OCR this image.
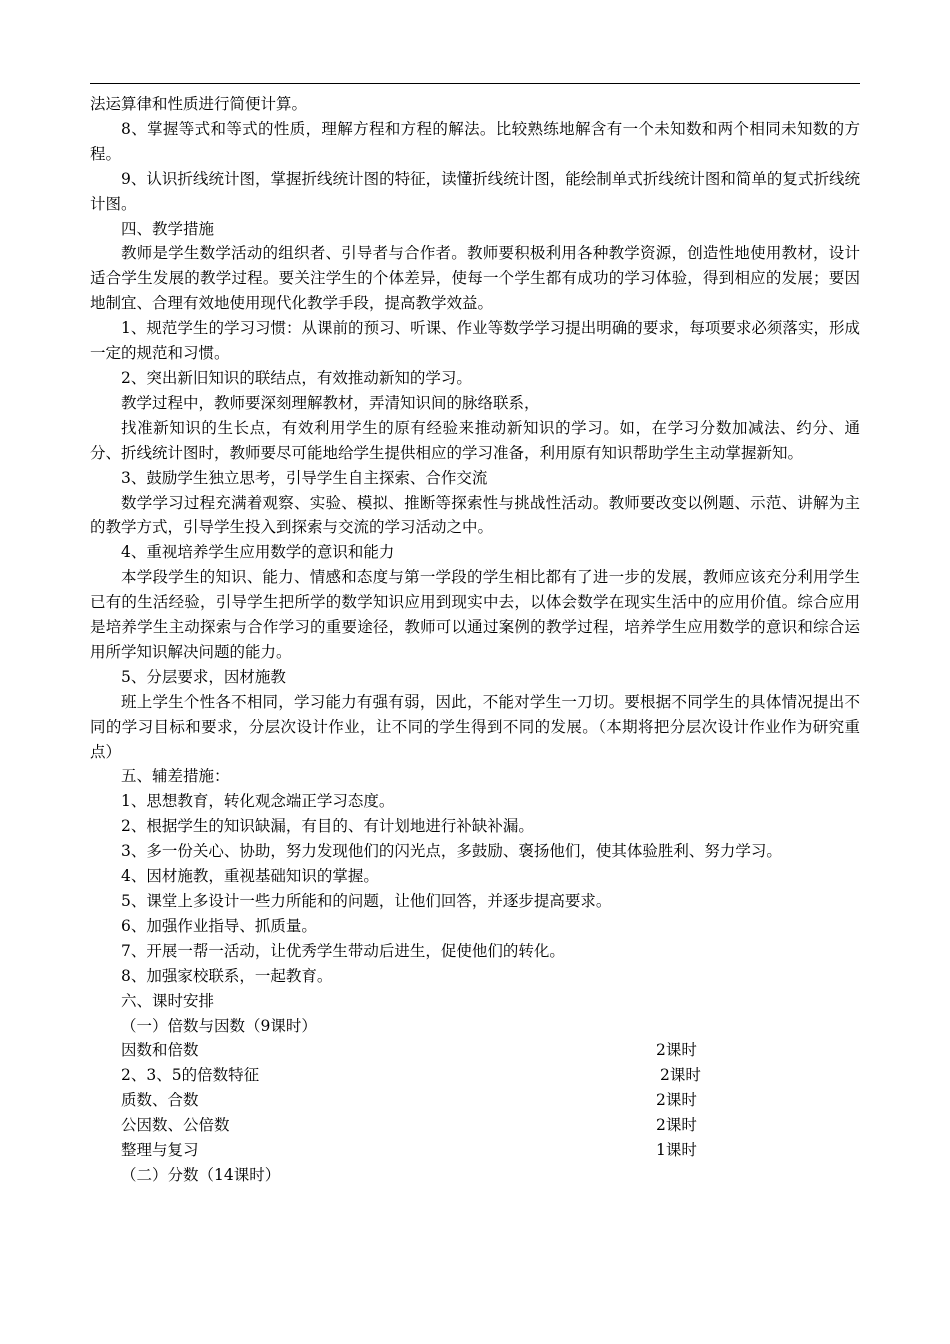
法运算律和性质进行简便计算。

8、掌握等式和等式的性质，理解方程和方程的解法。比较熟练地解含有一个未知数和两个相同未知数的方程。

9、认识折线统计图，掌握折线统计图的特征，读懂折线统计图，能绘制单式折线统计图和简单的复式折线统计图。

四、教学措施

教师是学生数学活动的组织者、引导者与合作者。教师要积极利用各种教学资源，创造性地使用教材，设计适合学生发展的教学过程。要关注学生的个体差异，使每一个学生都有成功的学习体验，得到相应的发展；要因地制宜、合理有效地使用现代化教学手段，提高教学效益。

1、规范学生的学习习惯：从课前的预习、听课、作业等数学学习提出明确的要求，每项要求必须落实，形成一定的规范和习惯。

2、突出新旧知识的联结点，有效推动新知的学习。

教学过程中，教师要深刻理解教材，弄清知识间的脉络联系，

找准新知识的生长点，有效利用学生的原有经验来推动新知识的学习。如，在学习分数加减法、约分、通分、折线统计图时，教师要尽可能地给学生提供相应的学习准备，利用原有知识帮助学生主动掌握新知。

3、鼓励学生独立思考，引导学生自主探索、合作交流

数学学习过程充满着观察、实验、模拟、推断等探索性与挑战性活动。教师要改变以例题、示范、讲解为主的教学方式，引导学生投入到探索与交流的学习活动之中。

4、重视培养学生应用数学的意识和能力

本学段学生的知识、能力、情感和态度与第一学段的学生相比都有了进一步的发展，教师应该充分利用学生已有的生活经验，引导学生把所学的数学知识应用到现实中去，以体会数学在现实生活中的应用价值。综合应用是培养学生主动探索与合作学习的重要途径，教师可以通过案例的教学过程，培养学生应用数学的意识和综合运用所学知识解决问题的能力。

5、分层要求，因材施教

班上学生个性各不相同，学习能力有强有弱，因此，不能对学生一刀切。要根据不同学生的具体情况提出不同的学习目标和要求，分层次设计作业，让不同的学生得到不同的发展。（本期将把分层次设计作业作为研究重点）

五、辅差措施：

1、思想教育，转化观念端正学习态度。

2、根据学生的知识缺漏，有目的、有计划地进行补缺补漏。

3、多一份关心、协助，努力发现他们的闪光点，多鼓励、褒扬他们，使其体验胜利、努力学习。

4、因材施教，重视基础知识的掌握。

5、课堂上多设计一些力所能和的问题，让他们回答，并逐步提高要求。

6、加强作业指导、抓质量。

7、开展一帮一活动，让优秀学生带动后进生，促使他们的转化。

8、加强家校联系，一起教育。

六、课时安排

（一）倍数与因数（9课时）

因数和倍数	2课时
2、3、5的倍数特征	2课时
质数、合数	2课时
公因数、公倍数	2课时
整理与复习	1课时

（二）分数（14课时）
